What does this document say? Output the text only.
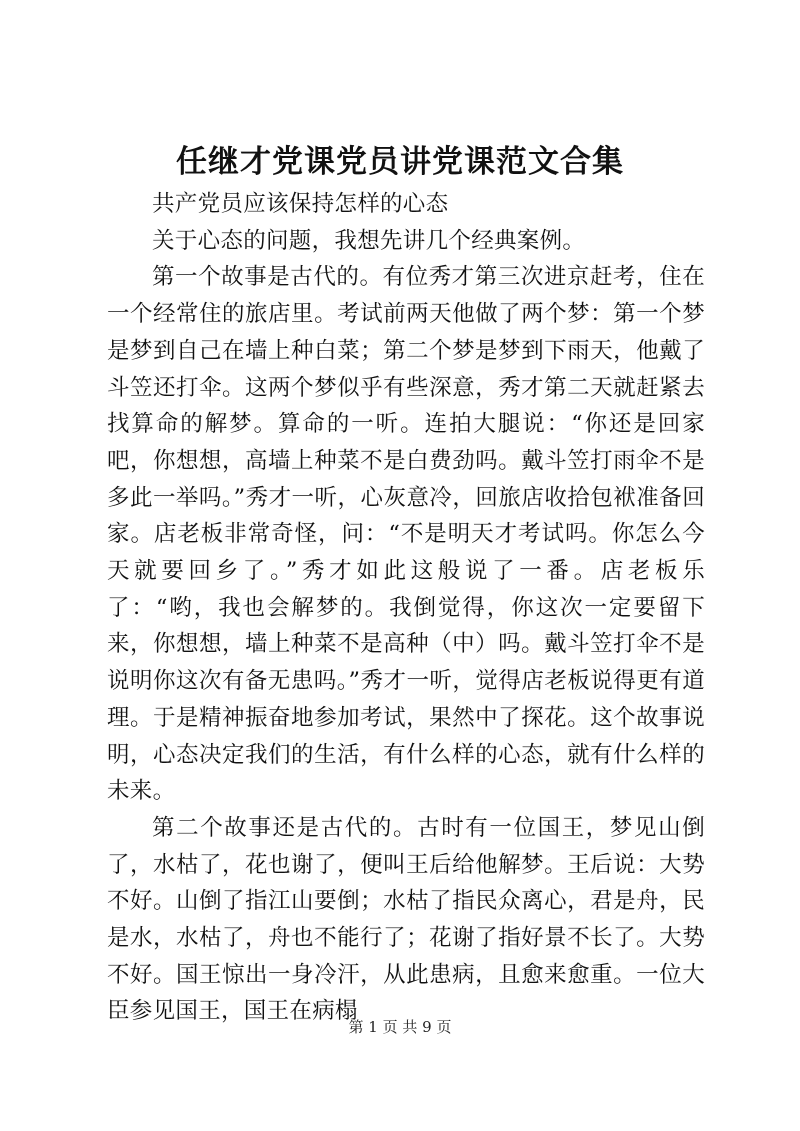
任继才党课党员讲党课范文合集

共产党员应该保持怎样的心态

关于心态的问题，我想先讲几个经典案例。

第一个故事是古代的。有位秀才第三次进京赶考，住在一个经常住的旅店里。考试前两天他做了两个梦：第一个梦是梦到自己在墙上种白菜；第二个梦是梦到下雨天，他戴了斗笠还打伞。这两个梦似乎有些深意，秀才第二天就赶紧去找算命的解梦。算命的一听。连拍大腿说：“你还是回家吧，你想想，高墙上种菜不是白费劲吗。戴斗笠打雨伞不是多此一举吗。”秀才一听，心灰意冷，回旅店收拾包袱准备回家。店老板非常奇怪，问：“不是明天才考试吗。你怎么今天就要回乡了。”秀才如此这般说了一番。店老板乐了：“哟，我也会解梦的。我倒觉得，你这次一定要留下来，你想想，墙上种菜不是高种（中）吗。戴斗笠打伞不是说明你这次有备无患吗。”秀才一听，觉得店老板说得更有道理。于是精神振奋地参加考试，果然中了探花。这个故事说明，心态决定我们的生活，有什么样的心态，就有什么样的未来。

第二个故事还是古代的。古时有一位国王，梦见山倒了，水枯了，花也谢了，便叫王后给他解梦。王后说：大势不好。山倒了指江山要倒；水枯了指民众离心，君是舟，民是水，水枯了，舟也不能行了；花谢了指好景不长了。大势不好。国王惊出一身冷汗，从此患病，且愈来愈重。一位大臣参见国王，国王在病榻

第 1 页 共 9 页
